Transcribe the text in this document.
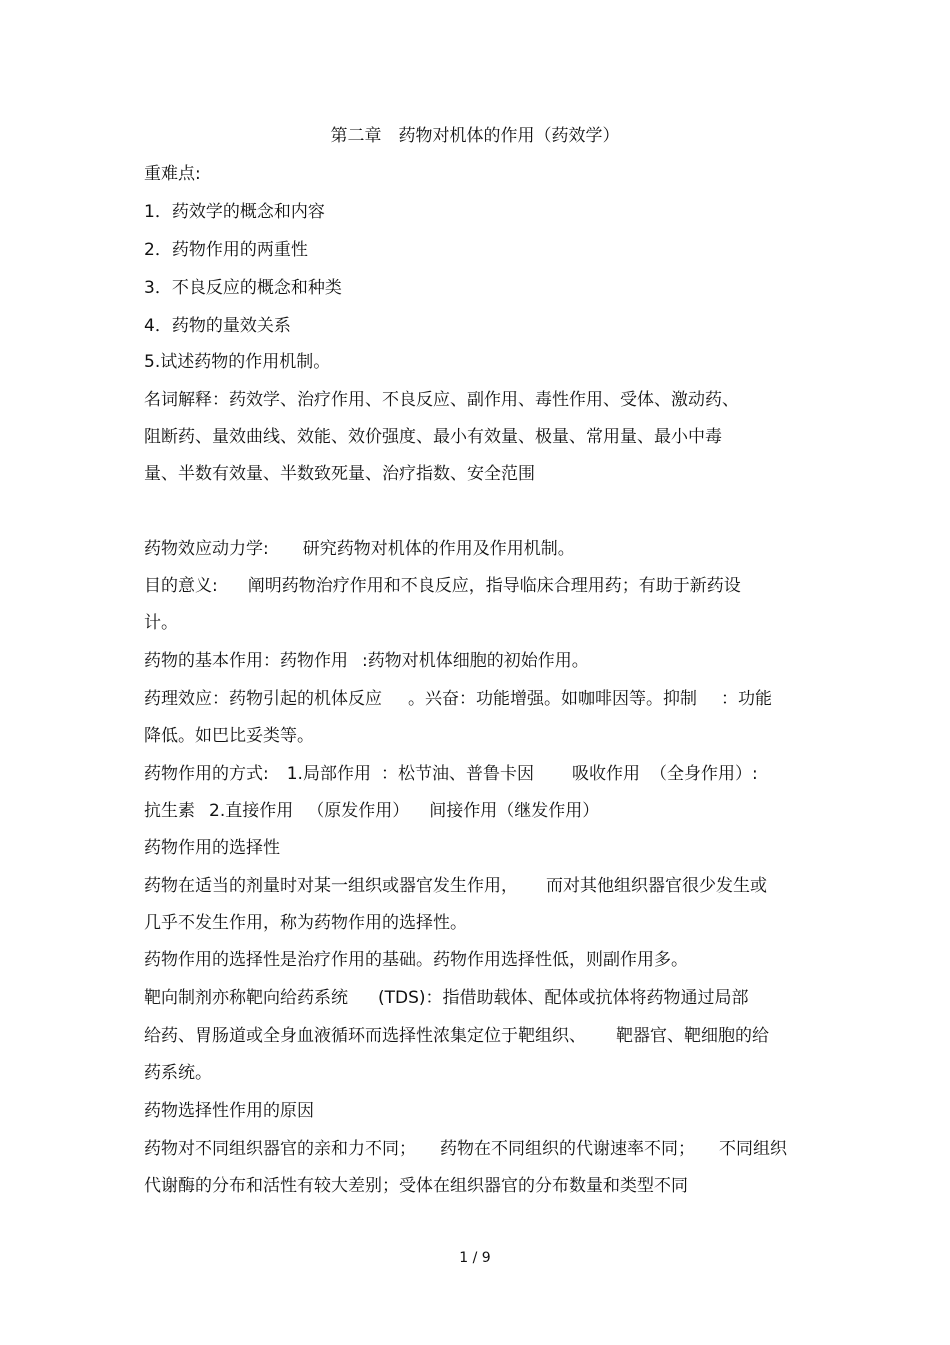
第二章　药物对机体的作用（药效学）

重难点:

1．药效学的概念和内容

2．药物作用的两重性

3．不良反应的概念和种类

4．药物的量效关系

5.试述药物的作用机制。

名词解释：药效学、治疗作用、不良反应、副作用、毒性作用、受体、激动药、

阻断药、量效曲线、效能、效价强度、最小有效量、极量、常用量、最小中毒

量、半数有效量、半数致死量、治疗指数、安全范围

药物效应动力学: 研究药物对机体的作用及作用机制。

目的意义: 阐明药物治疗作用和不良反应，指导临床合理用药；有助于新药设

计。

药物的基本作用：药物作用 :药物对机体细胞的初始作用。

药理效应：药物引起的机体反应 。兴奋：功能增强。如咖啡因等。抑制 ：功能

降低。如巴比妥类等。

药物作用的方式: 1.局部作用 ：松节油、普鲁卡因 吸收作用 （全身作用）:

抗生素 2.直接作用 （原发作用） 间接作用（继发作用）

药物作用的选择性

药物在适当的剂量时对某一组织或器官发生作用， 而对其他组织器官很少发生或

几乎不发生作用，称为药物作用的选择性。

药物作用的选择性是治疗作用的基础。药物作用选择性低，则副作用多。

靶向制剂亦称靶向给药系统 (TDS)：指借助载体、配体或抗体将药物通过局部

给药、胃肠道或全身血液循环而选择性浓集定位于靶组织、 靶器官、靶细胞的给

药系统。

药物选择性作用的原因

药物对不同组织器官的亲和力不同； 药物在不同组织的代谢速率不同； 不同组织

代谢酶的分布和活性有较大差别；受体在组织器官的分布数量和类型不同

1 / 9
